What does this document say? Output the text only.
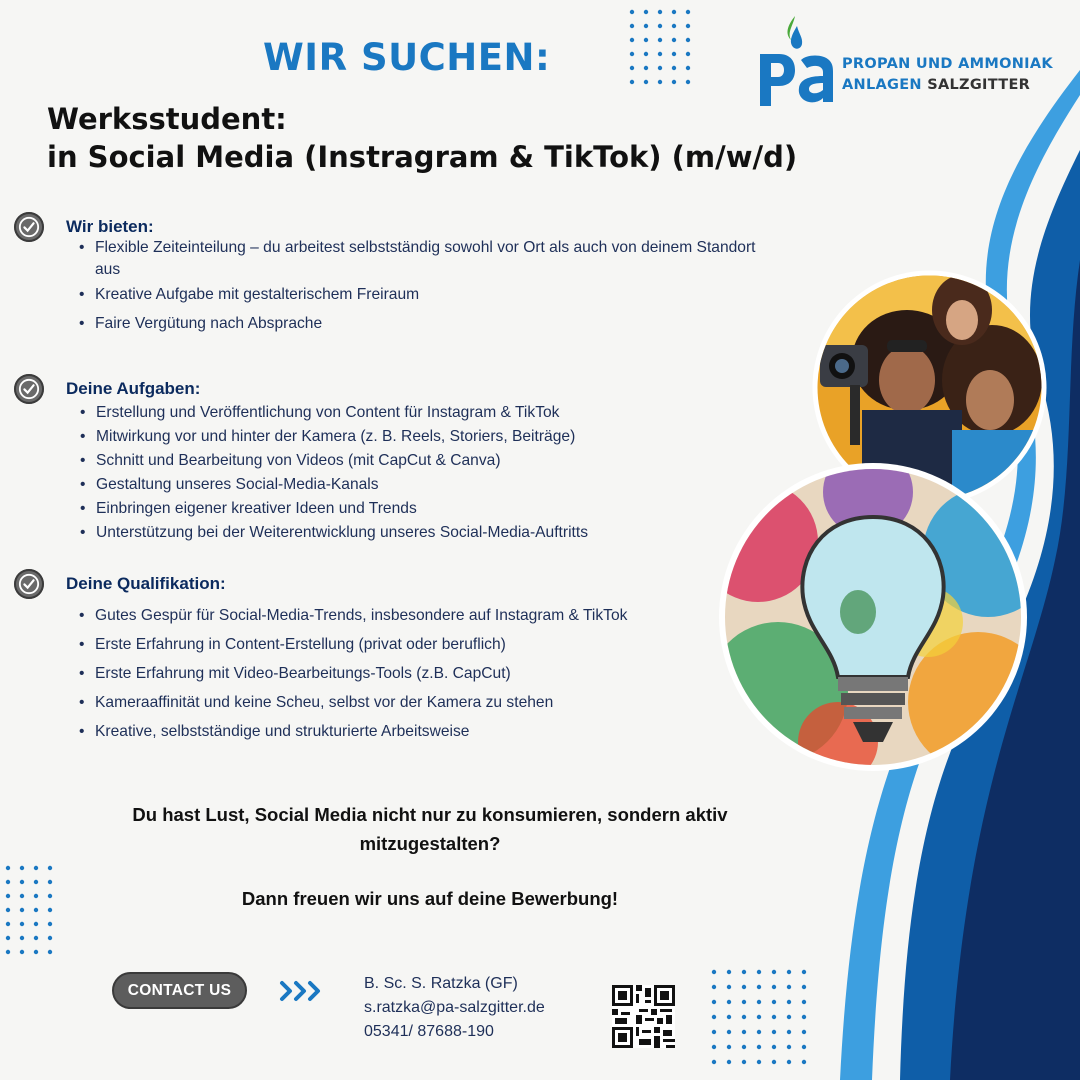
WIR SUCHEN:
Werksstudent:
in Social Media (Instragram & TikTok) (m/w/d)
PROPAN UND AMMONIAK
ANLAGEN SALZGITTER
Wir bieten:
• Flexible Zeiteinteilung – du arbeitest selbstständig sowohl vor Ort als auch von deinem Standort aus
• Kreative Aufgabe mit gestalterischem Freiraum
• Faire Vergütung nach Absprache
Deine Aufgaben:
• Erstellung und Veröffentlichung von Content für Instagram & TikTok
• Mitwirkung vor und hinter der Kamera (z. B. Reels, Storiers, Beiträge)
• Schnitt und Bearbeitung von Videos (mit CapCut & Canva)
• Gestaltung unseres Social-Media-Kanals
• Einbringen eigener kreativer Ideen und Trends
• Unterstützung bei der Weiterentwicklung unseres Social-Media-Auftritts
Deine Qualifikation:
• Gutes Gespür für Social-Media-Trends, insbesondere auf Instagram & TikTok
• Erste Erfahrung in Content-Erstellung (privat oder beruflich)
• Erste Erfahrung mit Video-Bearbeitungs-Tools (z.B. CapCut)
• Kameraaffinität und keine Scheu, selbst vor der Kamera zu stehen
• Kreative, selbstständige und strukturierte Arbeitsweise
Du hast Lust, Social Media nicht nur zu konsumieren, sondern aktiv mitzugestalten?
Dann freuen wir uns auf deine Bewerbung!
CONTACT US	B. Sc. S. Ratzka (GF)
s.ratzka@pa-salzgitter.de
05341/ 87688-190
